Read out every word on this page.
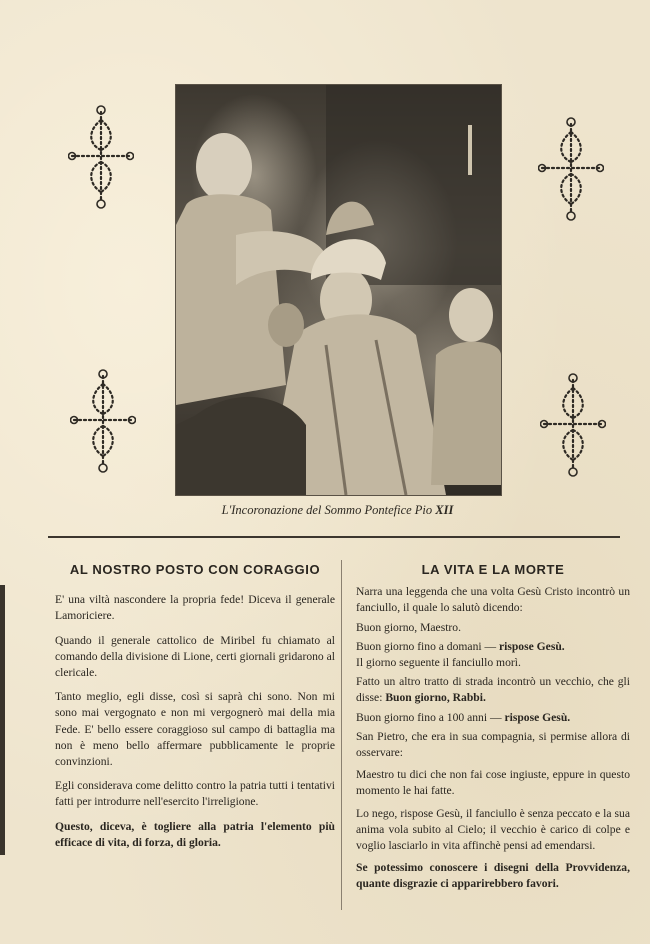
L'Incoronazione del Sommo Pontefice Pio XII
AL NOSTRO POSTO CON CORAGGIO

E' una viltà nascondere la propria fede! Diceva il generale Lamoriciere.

Quando il generale cattolico de Miribel fu chiamato al comando della divisione di Lione, certi giornali gridarono al clericale.

Tanto meglio, egli disse, così si saprà chi sono. Non mi sono mai vergognato e non mi vergognerò mai della mia Fede. E' bello essere coraggioso sul campo di battaglia ma non è meno bello affermare pubblicamente le proprie convinzioni.

Egli considerava come delitto contro la patria tutti i tentativi fatti per introdurre nell'esercito l'irreligione.

Questo, diceva, è togliere alla patria l'elemento più efficace di vita, di forza, di gloria.

LA VITA E LA MORTE

Narra una leggenda che una volta Gesù Cristo incontrò un fanciullo, il quale lo salutò dicendo:

Buon giorno, Maestro.

Buon giorno fino a domani — rispose Gesù.
Il giorno seguente il fanciullo morì.

Fatto un altro tratto di strada incontrò un vecchio, che gli disse: Buon giorno, Rabbi.

Buon giorno fino a 100 anni — rispose Gesù.

San Pietro, che era in sua compagnia, si permise allora di osservare:

Maestro tu dici che non fai cose ingiuste, eppure in questo momento le hai fatte.

Lo nego, rispose Gesù, il fanciullo è senza peccato e la sua anima vola subito al Cielo; il vecchio è carico di colpe e voglio lasciarlo in vita affinchè pensi ad emendarsi.

Se potessimo conoscere i disegni della Provvidenza, quante disgrazie ci apparirebbero favori.
